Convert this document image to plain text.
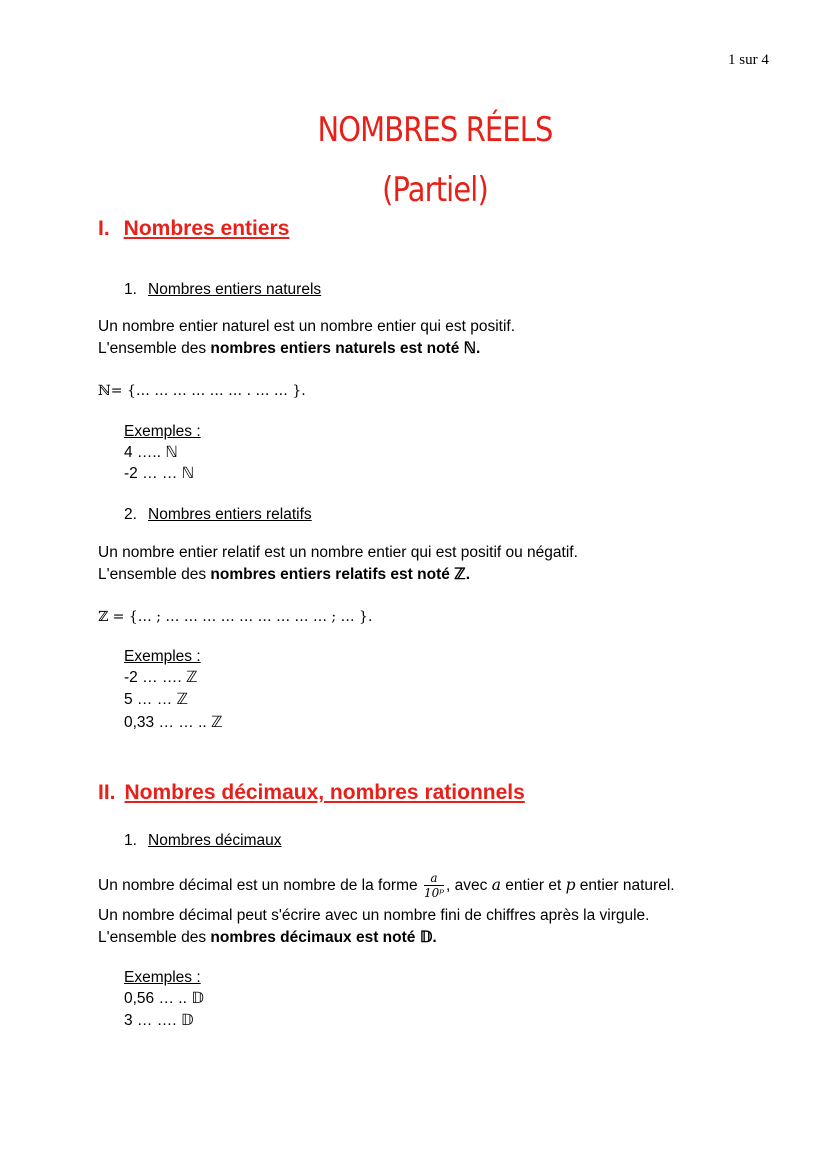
1 sur 4
NOMBRES RÉELS
(Partiel)
I. Nombres entiers
1. Nombres entiers naturels
Un nombre entier naturel est un nombre entier qui est positif.
L'ensemble des nombres entiers naturels est noté ℕ.
ℕ= {… … … … … … . … … }.
Exemples :
4 ….. ℕ
-2 … … ℕ
2. Nombres entiers relatifs
Un nombre entier relatif est un nombre entier qui est positif ou négatif.
L'ensemble des nombres entiers relatifs est noté ℤ.
ℤ = {… ; … … … … … … … … … ; … }.
Exemples :
-2 … …. ℤ
5 … … ℤ
0,33 … … .. ℤ
II. Nombres décimaux, nombres rationnels
1. Nombres décimaux
Un nombre décimal est un nombre de la forme $\frac{a}{\text{10ᵖ}}$ , avec a entier et p entier naturel.
Un nombre décimal peut s'écrire avec un nombre fini de chiffres après la virgule.
L'ensemble des nombres décimaux est noté 𝔻.
Exemples :
0,56 … .. 𝔻
3 … …. 𝔻
